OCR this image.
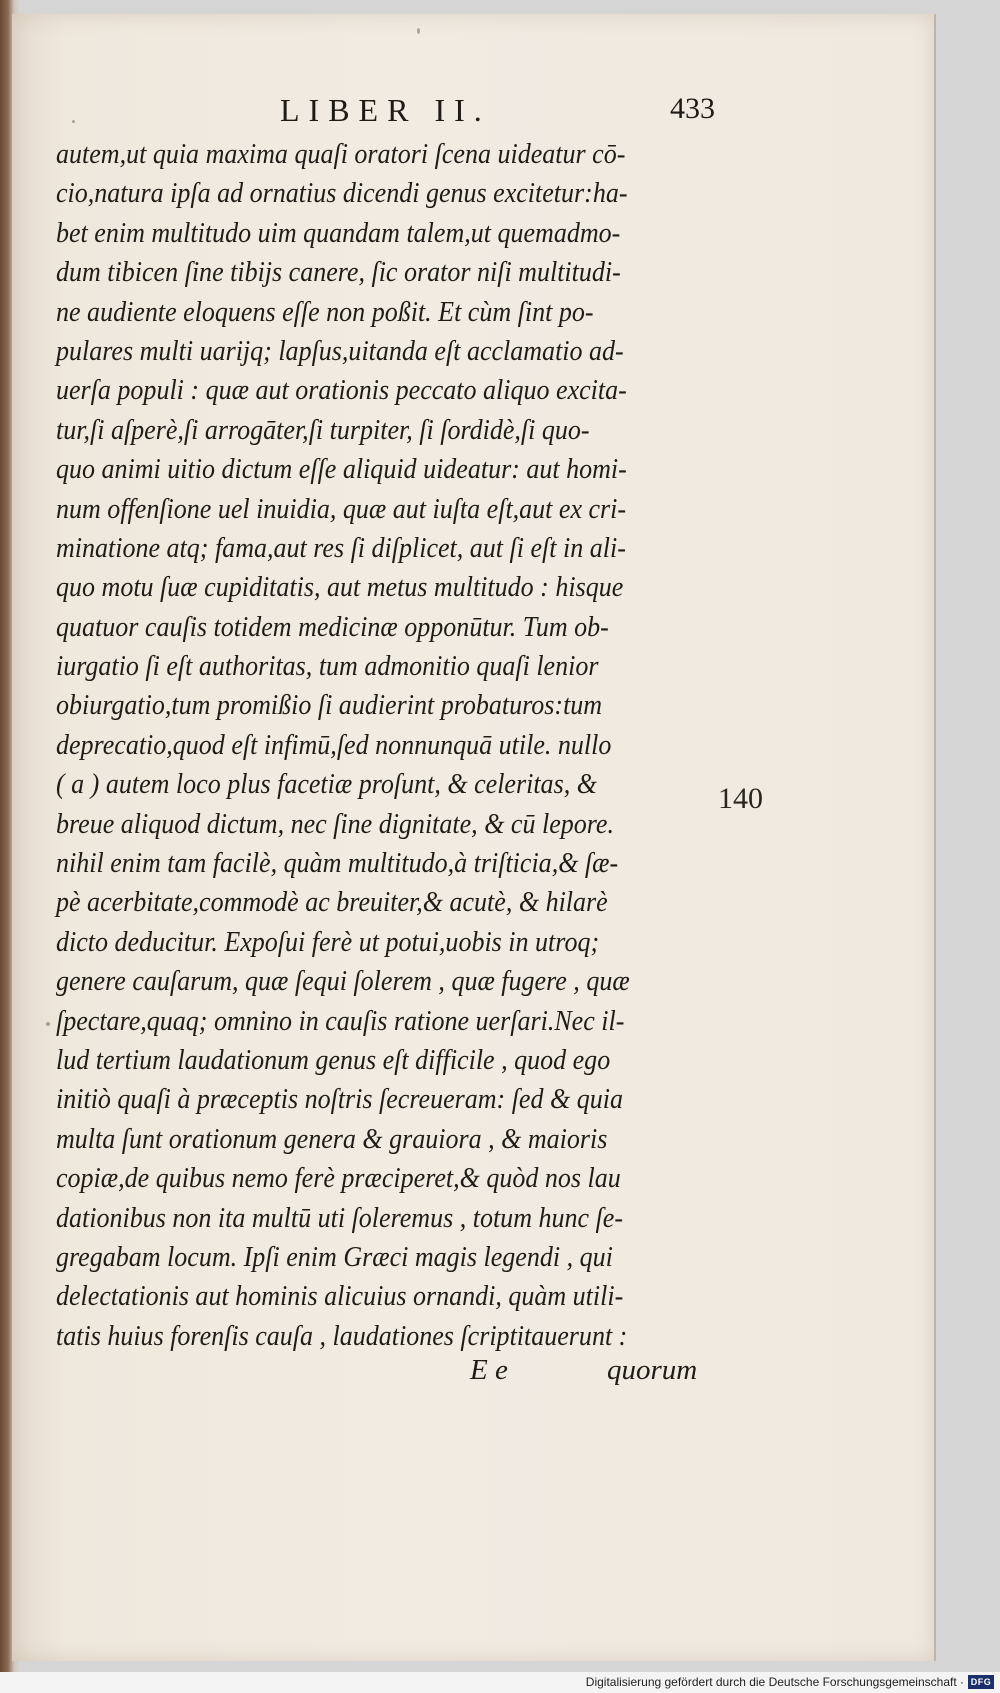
LIBER II.	433
autem,ut quia maxima quaſi oratori ſcena uideatur cō-
cio,natura ipſa ad ornatius dicendi genus excitetur:ha-
bet enim multitudo uim quandam talem,ut quemadmo-
dum tibicen ſine tibijs canere, ſic orator niſi multitudi-
ne audiente eloquens eſſe non poßit. Et cùm ſint po-
pulares multi uarijq; lapſus,uitanda eſt acclamatio ad-
uerſa populi : quæ aut orationis peccato aliquo excita-
tur,ſi aſperè,ſi arrogāter,ſi turpiter, ſi ſordidè,ſi quo-
quo animi uitio dictum eſſe aliquid uideatur: aut homi-
num offenſione uel inuidia, quæ aut iuſta eſt,aut ex cri-
minatione atq; fama,aut res ſi diſplicet, aut ſi eſt in ali-
quo motu ſuæ cupiditatis, aut metus multitudo : hisque
quatuor cauſis totidem medicinæ opponūtur. Tum ob-
iurgatio ſi eſt authoritas, tum admonitio quaſi lenior
obiurgatio,tum promißio ſi audierint probaturos:tum
deprecatio,quod eſt infimū,ſed nonnunquā utile. nullo
( a ) autem loco plus facetiæ proſunt, & celeritas, &
breue aliquod dictum, nec ſine dignitate, & cū lepore.
nihil enim tam facilè, quàm multitudo,à triſticia,& ſæ-
pè acerbitate,commodè ac breuiter,& acutè, & hilarè
dicto deducitur. Expoſui ferè ut potui,uobis in utroq;
genere cauſarum, quæ ſequi ſolerem , quæ fugere , quæ
ſpectare,quaq; omnino in cauſis ratione uerſari.Nec il-
lud tertium laudationum genus eſt difficile , quod ego
initiò quaſi à præceptis noſtris ſecreueram: ſed & quia
multa ſunt orationum genera & grauiora , & maioris
copiæ,de quibus nemo ferè præciperet,& quòd nos lau
dationibus non ita multū uti ſoleremus , totum hunc ſe-
gregabam locum. Ipſi enim Græci magis legendi , qui
delectationis aut hominis alicuius ornandi, quàm utili-
tatis huius forenſis cauſa , laudationes ſcriptitauerunt :
140
E e	quorum
Digitalisierung gefördert durch die Deutsche Forschungsgemeinschaft · DFG
